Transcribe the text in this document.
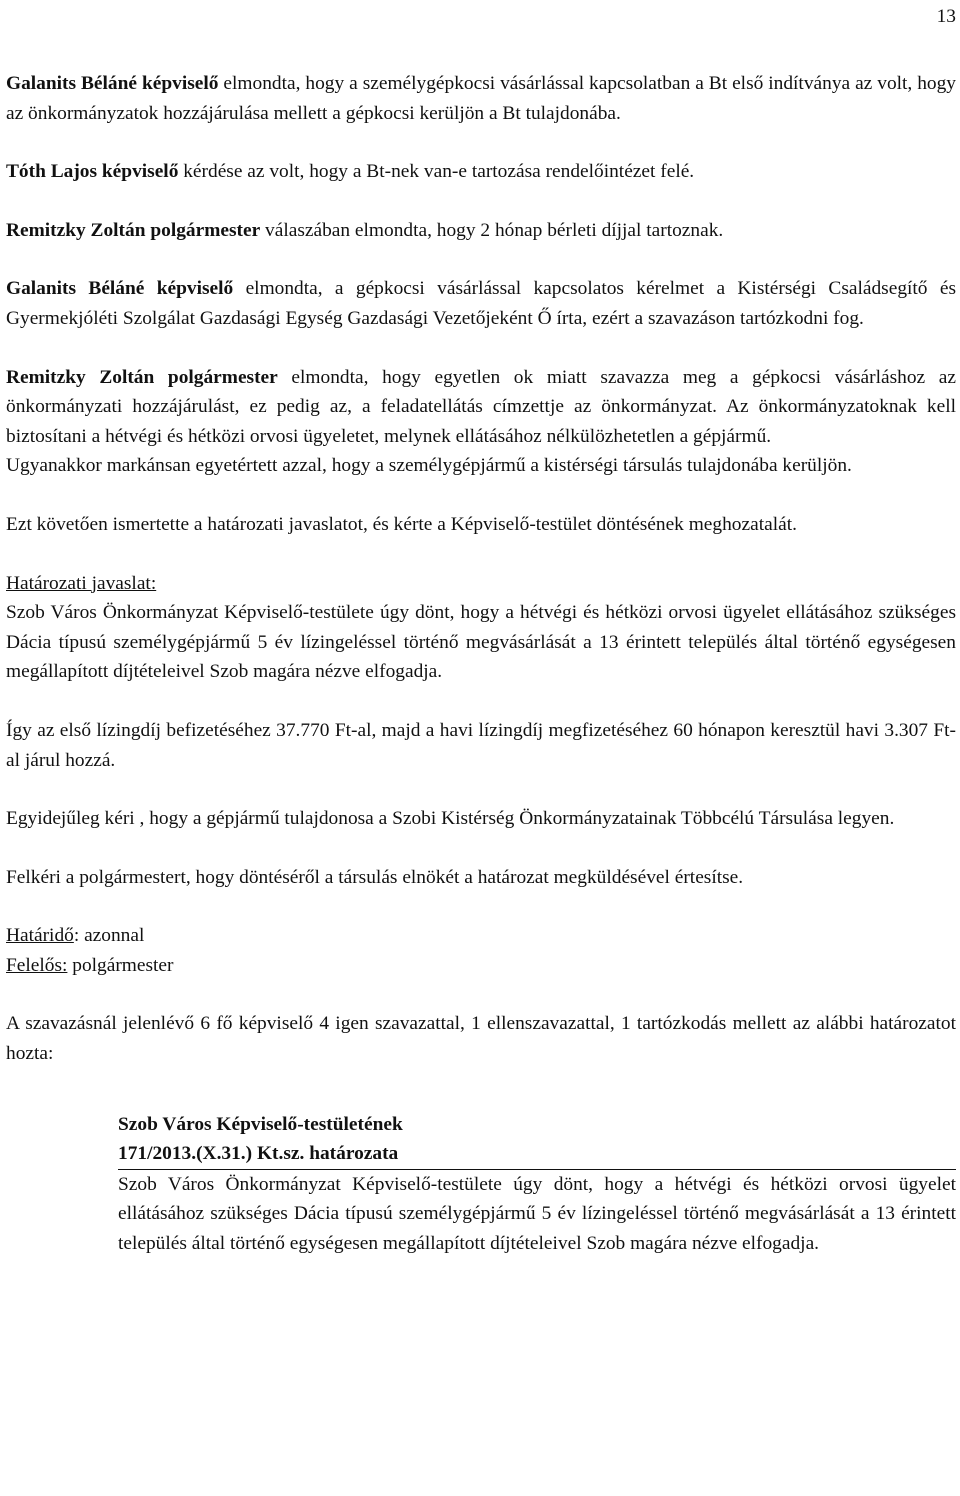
13

Galanits Béláné képviselő elmondta, hogy a személygépkocsi vásárlással kapcsolatban a Bt első indítványa az volt, hogy az önkormányzatok hozzájárulása mellett a gépkocsi kerüljön a Bt tulajdonába.

Tóth Lajos képviselő kérdése az volt, hogy a Bt-nek van-e tartozása rendelőintézet felé.

Remitzky Zoltán polgármester válaszában elmondta, hogy 2 hónap bérleti díjjal tartoznak.

Galanits Béláné képviselő elmondta, a gépkocsi vásárlással kapcsolatos kérelmet a Kistérségi Családsegítő és Gyermekjóléti Szolgálat Gazdasági Egység Gazdasági Vezetőjeként Ő írta, ezért a szavazáson tartózkodni fog.

Remitzky Zoltán polgármester elmondta, hogy egyetlen ok miatt szavazza meg a gépkocsi vásárláshoz az önkormányzati hozzájárulást, ez pedig az, a feladatellátás címzettje az önkormányzat. Az önkormányzatoknak kell biztosítani a hétvégi és hétközi orvosi ügyeletet, melynek ellátásához nélkülözhetetlen a gépjármű.

Ugyanakkor markánsan egyetértett azzal, hogy a személygépjármű a kistérségi társulás tulajdonába kerüljön.

Ezt követően ismertette a határozati javaslatot, és kérte a Képviselő-testület döntésének meghozatalát.

Határozati javaslat:

Szob Város Önkormányzat Képviselő-testülete úgy dönt, hogy a hétvégi és hétközi orvosi ügyelet ellátásához szükséges Dácia típusú személygépjármű 5 év lízingeléssel történő megvásárlását a 13 érintett település által történő egységesen megállapított díjtételeivel Szob magára nézve elfogadja.

Így az első lízingdíj befizetéséhez 37.770 Ft-al, majd a havi lízingdíj megfizetéséhez 60 hónapon keresztül havi 3.307 Ft-al járul hozzá.

Egyidejűleg kéri , hogy a gépjármű tulajdonosa a Szobi Kistérség Önkormányzatainak Többcélú Társulása legyen.

Felkéri a polgármestert, hogy döntéséről a társulás elnökét a határozat megküldésével értesítse.

Határidő: azonnal

Felelős: polgármester

A szavazásnál jelenlévő 6 fő képviselő 4 igen szavazattal, 1 ellenszavazattal, 1 tartózkodás mellett az alábbi határozatot hozta:

Szob Város Képviselő-testületének

171/2013.(X.31.) Kt.sz. határozata

Szob Város Önkormányzat Képviselő-testülete úgy dönt, hogy a hétvégi és hétközi orvosi ügyelet ellátásához szükséges Dácia típusú személygépjármű 5 év lízingeléssel történő megvásárlását a 13 érintett település által történő egységesen megállapított díjtételeivel Szob magára nézve elfogadja.
